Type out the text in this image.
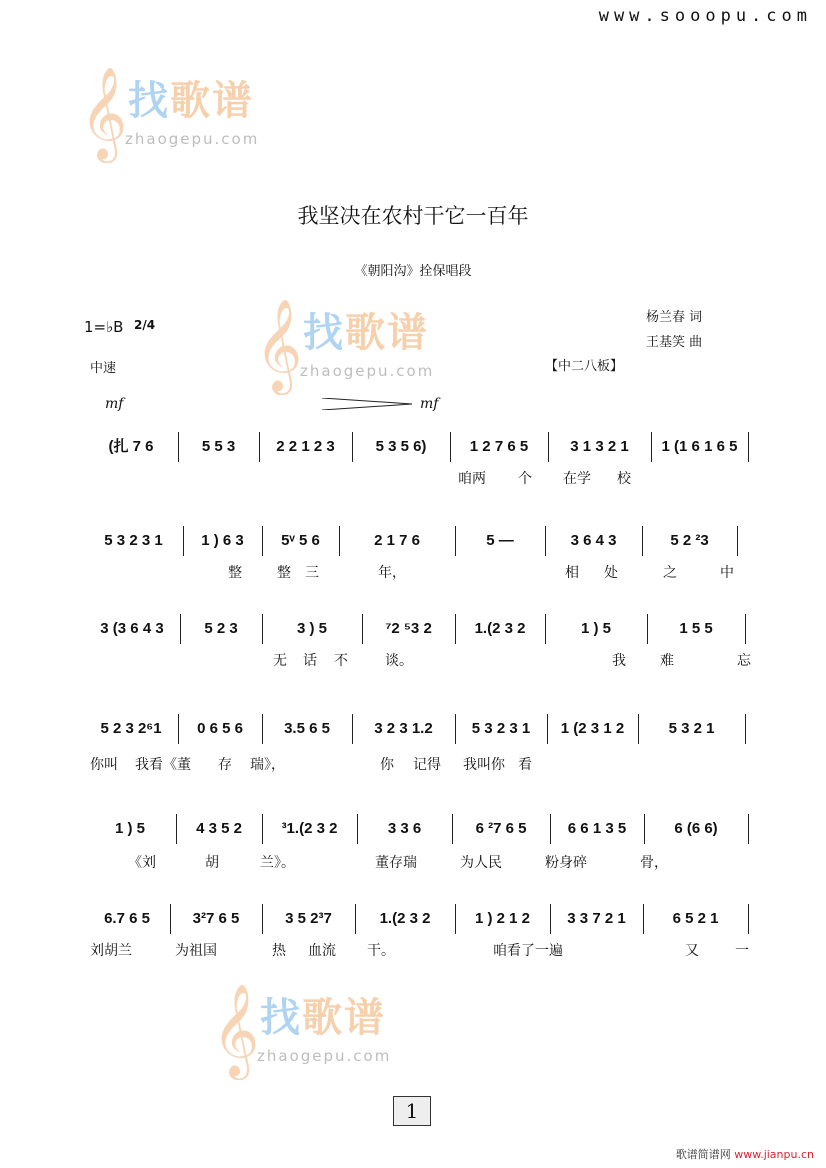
www.sooopu.com
𝄞 找歌谱
zhaogepu.com
𝄞 找歌谱
zhaogepu.com
𝄞 找歌谱
zhaogepu.com
我坚决在农村干它一百年
《朝阳沟》拴保唱段
1=♭B 2/4	杨兰春 词
王基笑 曲
中速	【中二八板】
mf	mf
(扎 7 6	5 5 3	2 2 1 2 3	5 3 5 6)	1 2 7 6 5	3 1 3 2 1	1 (1 6 1 6 5
咱两 个 在学 校
5 3 2 3 1	1 ) 6 3	5ᵛ 5 6	2 1 7 6	5 —	3 6 4 3	5 2 ²3
整	整 三	年，	相 处	之	中
3 (3 6 4 3	5 2 3	3 ) 5	⁷2 ⁵3 2	1.(2 3 2	1 ) 5	1 5 5
无 话 不	谈。	我 难	忘
5 2 3 2⁶1	0 6 5 6	3.5 6 5	3 2 3 1.2	5 3 2 3 1	1 (2 3 1 2	5 3 2 1
你叫 我看《董 存 瑞》，	你 记得 我叫你 看
1 ) 5	4 3 5 2	³1.(2 3 2	3 3 6	6 ²7 6 5	6 6 1 3 5	6 (6 6)
《刘	胡	兰》。	董存瑞	为人民	粉身碎	骨，
6.7 6 5	3²7 6 5	3 5 2³7	1.(2 3 2	1 ) 2 1 2	3 3 7 2 1	6 5 2 1
刘胡兰	为祖国	热 血流 干。	咱看了一遍	又	一
1
歌谱简谱网 www.jianpu.cn
